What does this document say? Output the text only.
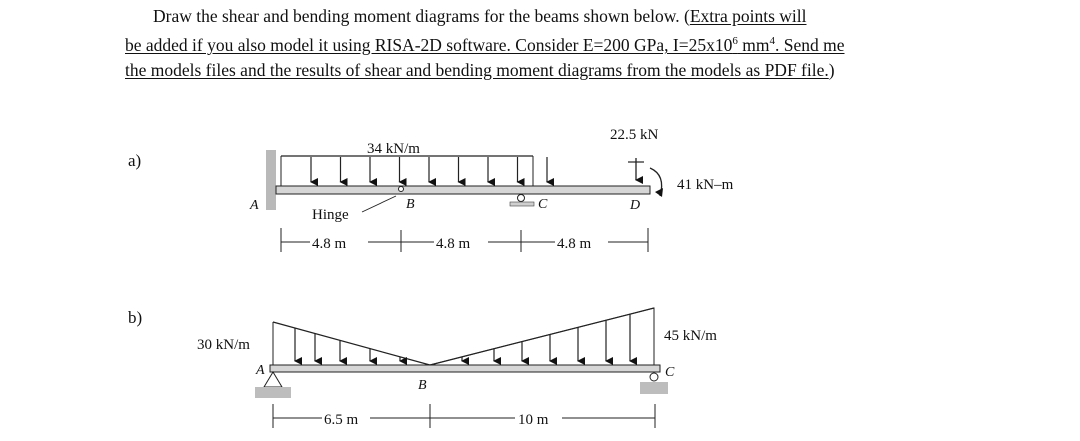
Draw the shear and bending moment diagrams for the beams shown below. (Extra points will
be added if you also model it using RISA-2D software. Consider E=200 GPa, $I=25x10^6$ $mm^4$. Send me
the models files and the results of shear and bending moment diagrams from the models as PDF file.)
a)
34 kN/m
B
Hinge
A	C
22.5 kN
41 kN–m
D
4.8 m	4.8 m	4.8 m
b)
30 kN/m
45 kN/m
A	C
B
6.5 m	10 m
